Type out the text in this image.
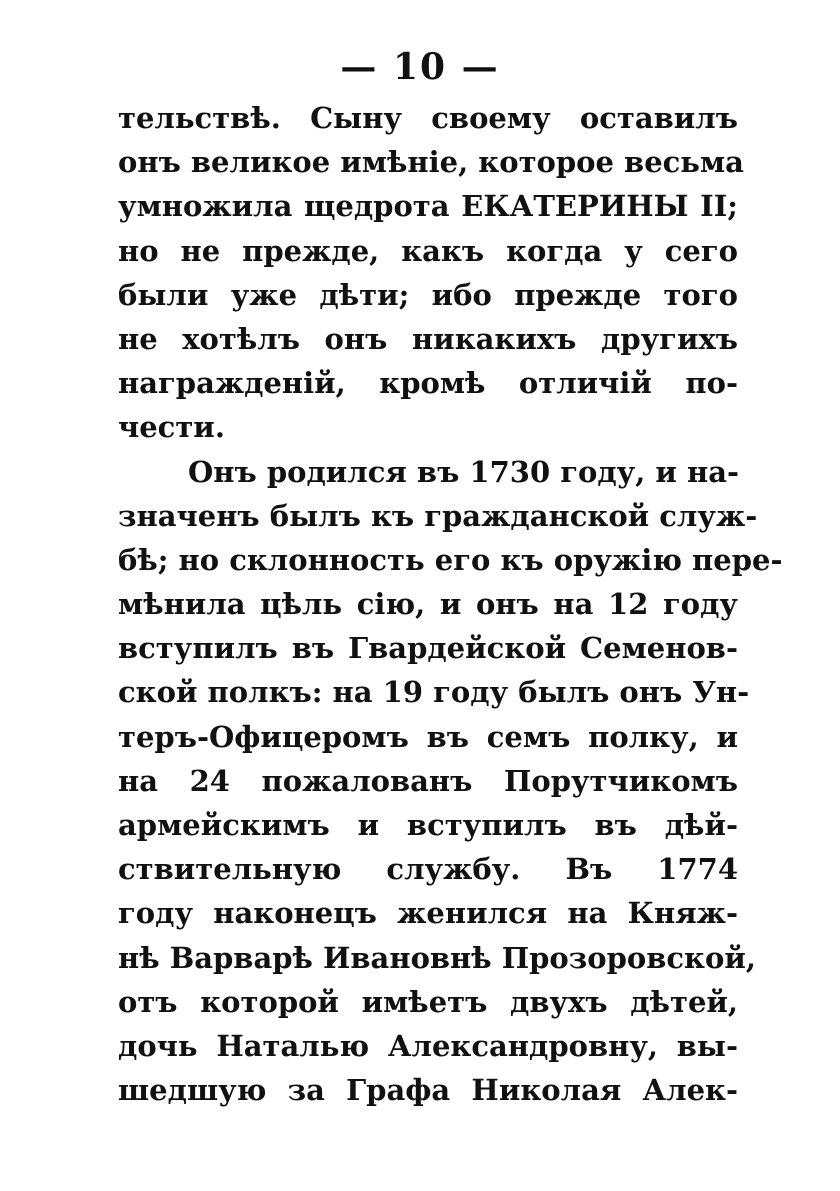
— 10 —
тельствѣ. Сыну своему оставилъ
онъ великое имѣніе, которое весьма
умножила щедрота ЕКАТЕРИНЫ II;
но не прежде, какъ когда у сего
были уже дѣти; ибо прежде того
не хотѣлъ онъ никакихъ другихъ
награжденій, кромѣ отличій по-
чести.
Онъ родился въ 1730 году, и на-
значенъ былъ къ гражданской служ-
бѣ; но склонность его къ оружію пере-
мѣнила цѣль сію, и онъ на 12 году
вступилъ въ Гвардейской Семенов-
ской полкъ: на 19 году былъ онъ Ун-
теръ-Офицеромъ въ семъ полку, и
на 24 пожалованъ Порутчикомъ
армейскимъ и вступилъ въ дѣй-
ствительную службу. Въ 1774
году наконецъ женился на Княж-
нѣ Варварѣ Ивановнѣ Прозоровской,
отъ которой имѣетъ двухъ дѣтей,
дочь Наталью Александровну, вы-
шедшую за Графа Николая Алек-
